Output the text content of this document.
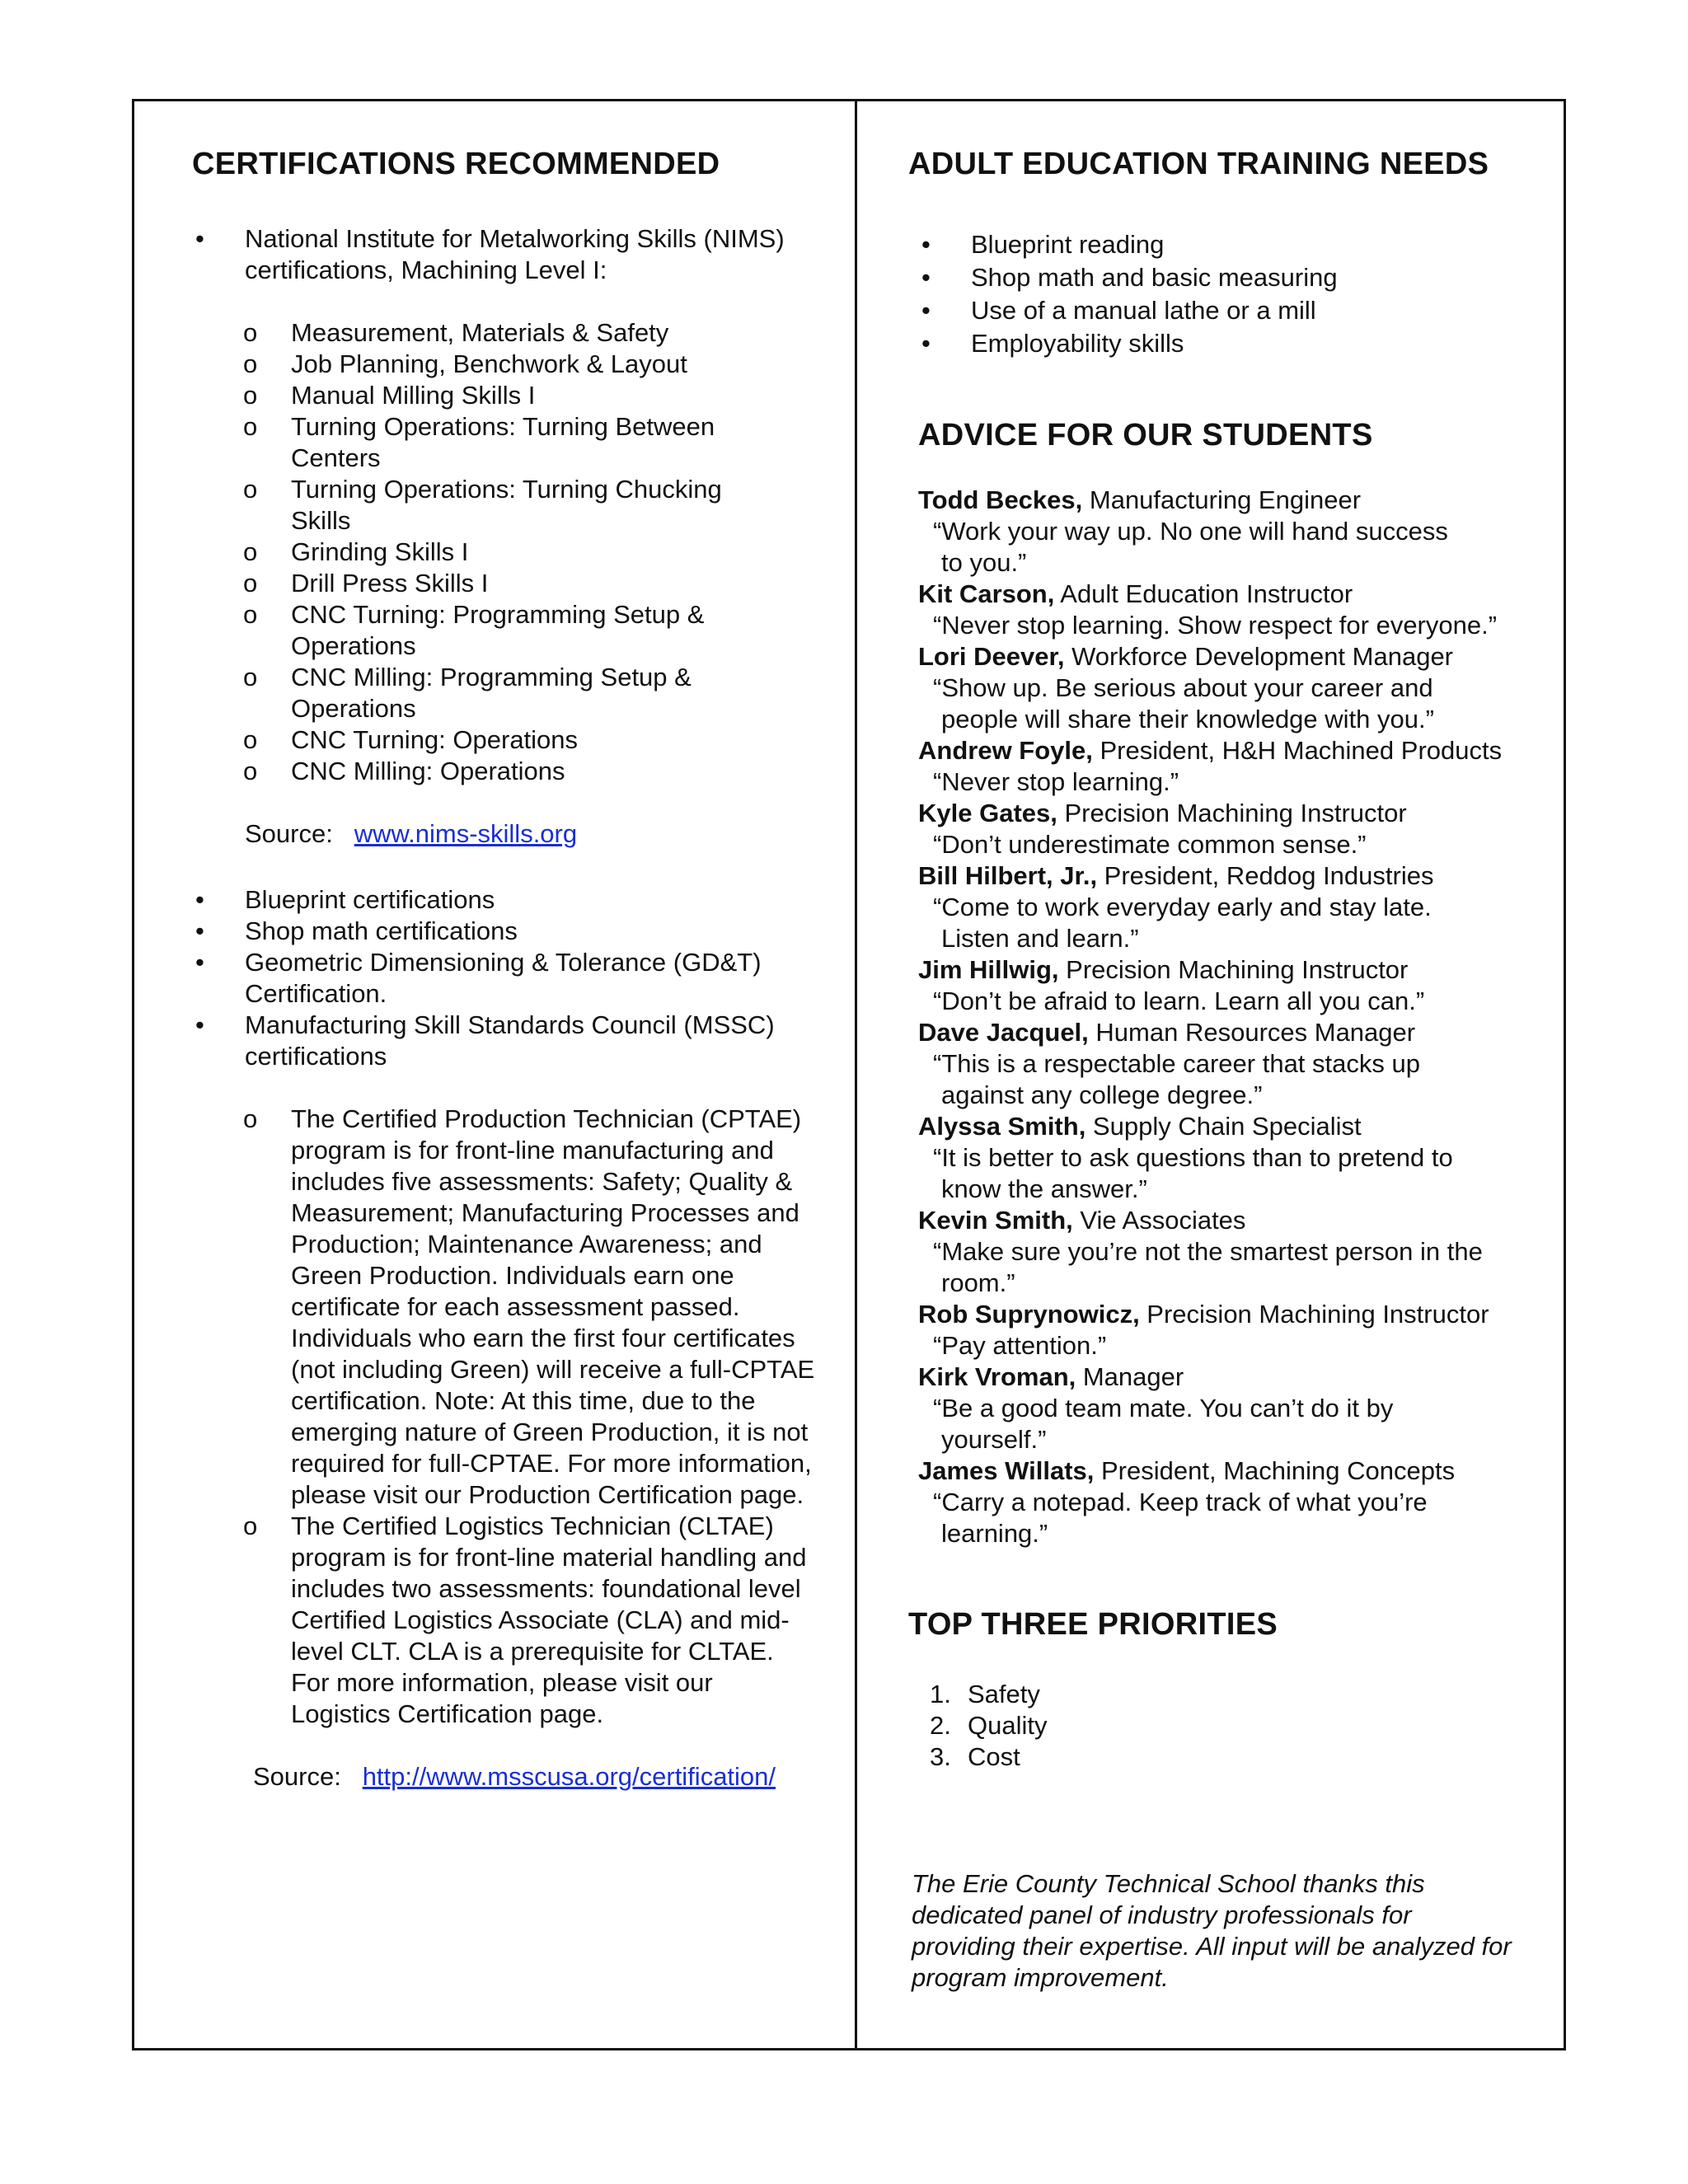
CERTIFICATIONS RECOMMENDED
• National Institute for Metalworking Skills (NIMS) certifications, Machining Level I:
o Measurement, Materials & Safety
o Job Planning, Benchwork & Layout
o Manual Milling Skills I
o Turning Operations: Turning Between Centers
o Turning Operations: Turning Chucking Skills
o Grinding Skills I
o Drill Press Skills I
o CNC Turning: Programming Setup & Operations
o CNC Milling: Programming Setup & Operations
o CNC Turning: Operations
o CNC Milling: Operations
Source: www.nims-skills.org
• Blueprint certifications
• Shop math certifications
• Geometric Dimensioning & Tolerance (GD&T) Certification.
• Manufacturing Skill Standards Council (MSSC) certifications
o The Certified Production Technician (CPTAE) program is for front-line manufacturing and includes five assessments: Safety; Quality & Measurement; Manufacturing Processes and Production; Maintenance Awareness; and Green Production. Individuals earn one certificate for each assessment passed. Individuals who earn the first four certificates (not including Green) will receive a full-CPTAE certification. Note: At this time, due to the emerging nature of Green Production, it is not required for full-CPTAE. For more information, please visit our Production Certification page.
o The Certified Logistics Technician (CLTAE) program is for front-line material handling and includes two assessments: foundational level Certified Logistics Associate (CLA) and mid-level CLT. CLA is a prerequisite for CLTAE. For more information, please visit our Logistics Certification page.
Source: http://www.msscusa.org/certification/
ADULT EDUCATION TRAINING NEEDS
• Blueprint reading
• Shop math and basic measuring
• Use of a manual lathe or a mill
• Employability skills
ADVICE FOR OUR STUDENTS
Todd Beckes, Manufacturing Engineer
“Work your way up. No one will hand success
to you.”
Kit Carson, Adult Education Instructor
“Never stop learning. Show respect for everyone.”
Lori Deever, Workforce Development Manager
“Show up. Be serious about your career and
people will share their knowledge with you.”
Andrew Foyle, President, H&H Machined Products
“Never stop learning.”
Kyle Gates, Precision Machining Instructor
“Don’t underestimate common sense.”
Bill Hilbert, Jr., President, Reddog Industries
“Come to work everyday early and stay late.
Listen and learn.”
Jim Hillwig, Precision Machining Instructor
“Don’t be afraid to learn. Learn all you can.”
Dave Jacquel, Human Resources Manager
“This is a respectable career that stacks up
against any college degree.”
Alyssa Smith, Supply Chain Specialist
“It is better to ask questions than to pretend to
know the answer.”
Kevin Smith, Vie Associates
“Make sure you’re not the smartest person in the
room.”
Rob Suprynowicz, Precision Machining Instructor
“Pay attention.”
Kirk Vroman, Manager
“Be a good team mate. You can’t do it by
yourself.”
James Willats, President, Machining Concepts
“Carry a notepad. Keep track of what you’re
learning.”
TOP THREE PRIORITIES
1. Safety
2. Quality
3. Cost
The Erie County Technical School thanks this dedicated panel of industry professionals for providing their expertise. All input will be analyzed for program improvement.
